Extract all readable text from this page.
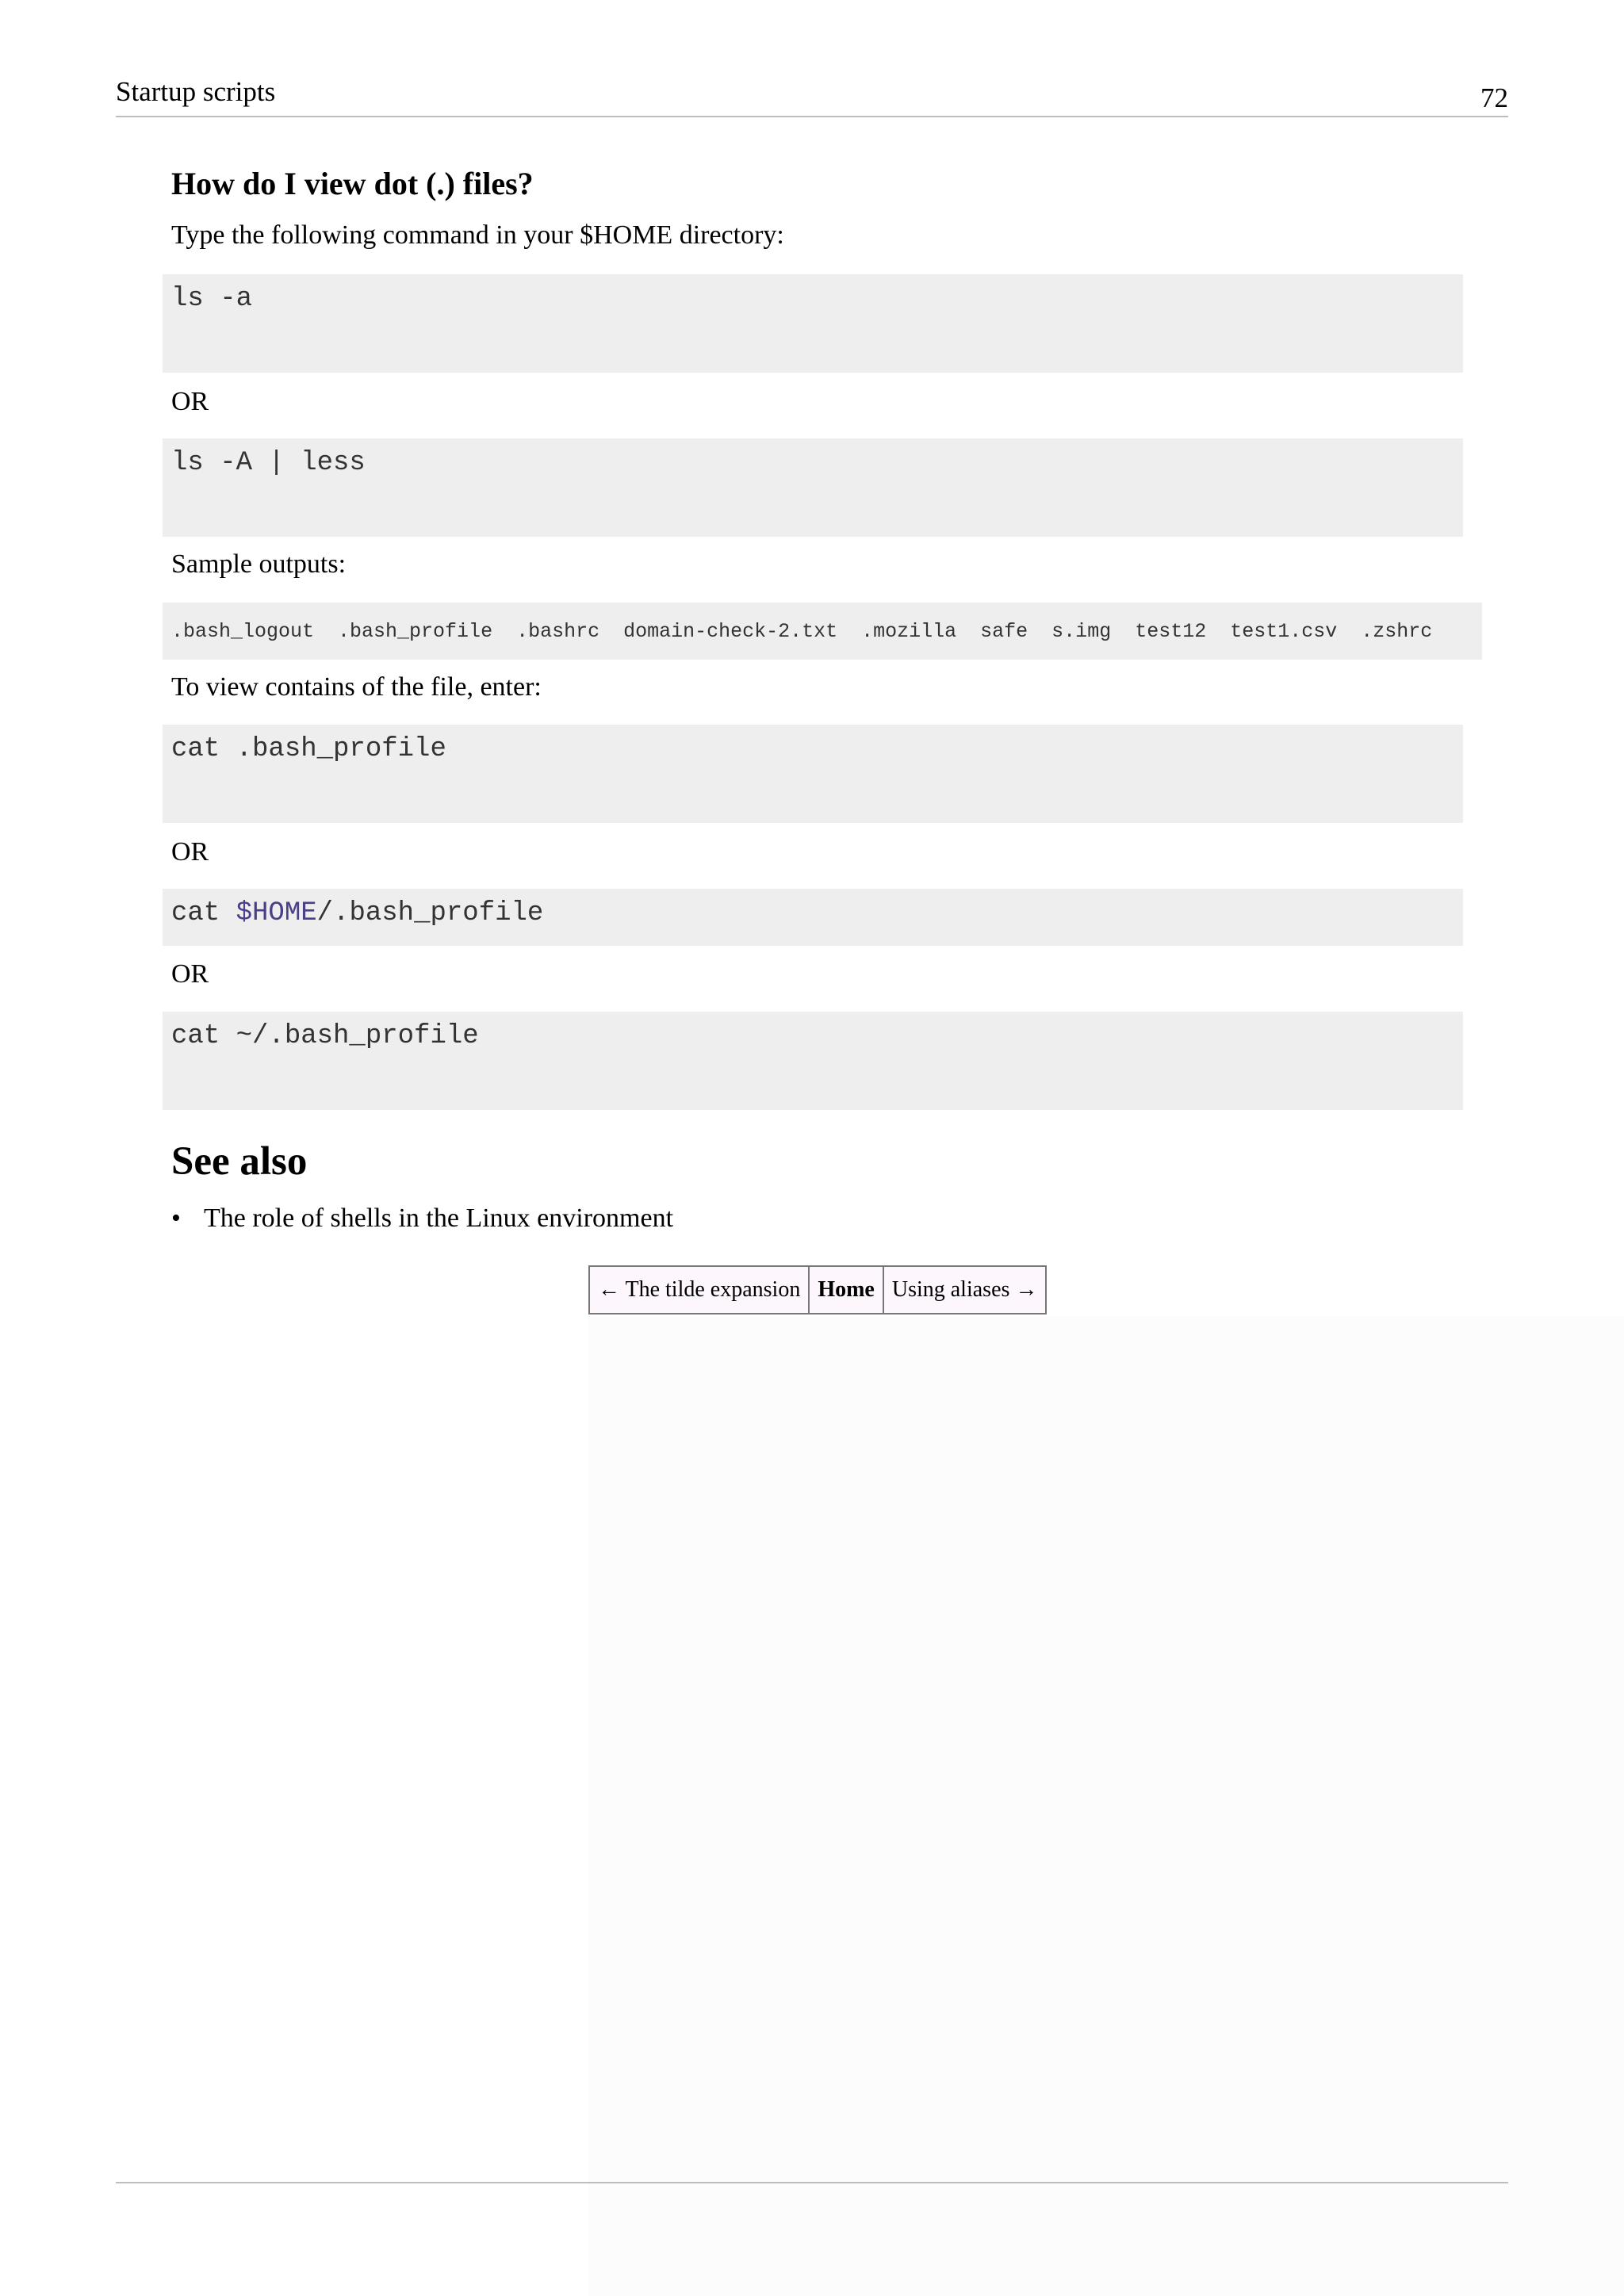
Startup scripts	72
How do I view dot (.) files?

Type the following command in your $HOME directory:

ls -a

OR

ls -A | less

Sample outputs:

.bash_logout  .bash_profile  .bashrc  domain-check-2.txt  .mozilla  safe  s.img  test12  test1.csv  .zshrc

To view contains of the file, enter:

cat .bash_profile

OR

cat $HOME/.bash_profile

OR

cat ~/.bash_profile
See also
• The role of shells in the Linux environment
← The tilde expansion	Home	Using aliases →
